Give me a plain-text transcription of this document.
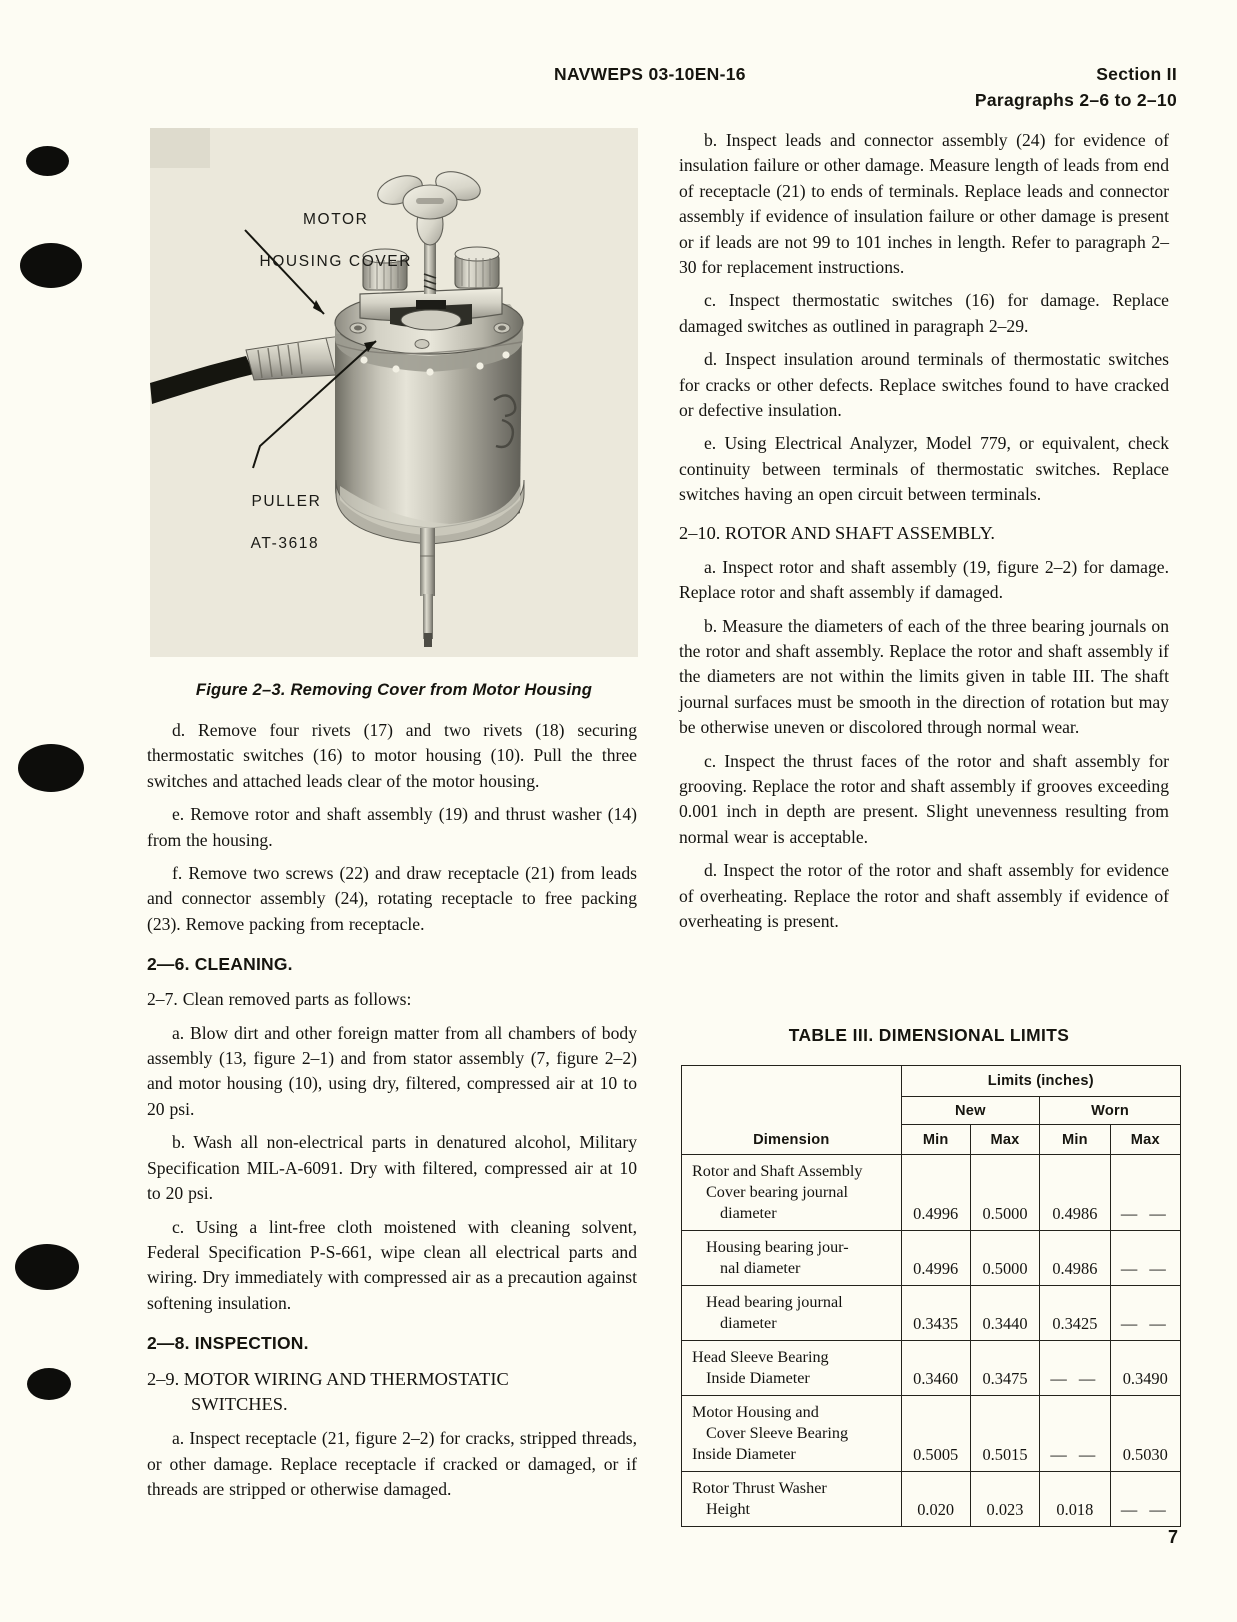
NAVWEPS 03-10EN-16	Section II
Paragraphs 2–6 to 2–10

MOTOR

HOUSING COVER

PULLER

AT-3618

Figure 2–3. Removing Cover from Motor Housing

d. Remove four rivets (17) and two rivets (18) securing thermostatic switches (16) to motor housing (10). Pull the three switches and attached leads clear of the motor housing.

e. Remove rotor and shaft assembly (19) and thrust washer (14) from the housing.

f. Remove two screws (22) and draw receptacle (21) from leads and connector assembly (24), rotating receptacle to free packing (23). Remove packing from receptacle.

2—6. CLEANING.

2–7. Clean removed parts as follows:

a. Blow dirt and other foreign matter from all chambers of body assembly (13, figure 2–1) and from stator assembly (7, figure 2–2) and motor housing (10), using dry, filtered, compressed air at 10 to 20 psi.

b. Wash all non-electrical parts in denatured alcohol, Military Specification MIL-A-6091. Dry with filtered, compressed air at 10 to 20 psi.

c. Using a lint-free cloth moistened with cleaning solvent, Federal Specification P-S-661, wipe clean all electrical parts and wiring. Dry immediately with compressed air as a precaution against softening insulation.

2—8. INSPECTION.
2–9. MOTOR WIRING AND THERMOSTATIC
SWITCHES.

a. Inspect receptacle (21, figure 2–2) for cracks, stripped threads, or other damage. Replace receptacle if cracked or damaged, or if threads are stripped or otherwise damaged.

b. Inspect leads and connector assembly (24) for evidence of insulation failure or other damage. Measure length of leads from end of receptacle (21) to ends of terminals. Replace leads and connector assembly if evidence of insulation failure or other damage is present or if leads are not 99 to 101 inches in length. Refer to paragraph 2–30 for replacement instructions.

c. Inspect thermostatic switches (16) for damage. Replace damaged switches as outlined in paragraph 2–29.

d. Inspect insulation around terminals of thermostatic switches for cracks or other defects. Replace switches found to have cracked or defective insulation.

e. Using Electrical Analyzer, Model 779, or equivalent, check continuity between terminals of thermostatic switches. Replace switches having an open circuit between terminals.

2–10. ROTOR AND SHAFT ASSEMBLY.

a. Inspect rotor and shaft assembly (19, figure 2–2) for damage. Replace rotor and shaft assembly if damaged.

b. Measure the diameters of each of the three bearing journals on the rotor and shaft assembly. Replace the rotor and shaft assembly if the diameters are not within the limits given in table III. The shaft journal surfaces must be smooth in the direction of rotation but may be otherwise uneven or discolored through normal wear.

c. Inspect the thrust faces of the rotor and shaft assembly for grooving. Replace the rotor and shaft assembly if grooves exceeding 0.001 inch in depth are present. Slight unevenness resulting from normal wear is acceptable.

d. Inspect the rotor of the rotor and shaft assembly for evidence of overheating. Replace the rotor and shaft assembly if evidence of overheating is present.

TABLE III. DIMENSIONAL LIMITS
Dimension	Limits (inches)			
	New		Worn	
	Min	Max	Min	Max
Rotor and Shaft Assembly
Cover bearing journal
diameter	0.4996	0.5000	0.4986	— —

Housing bearing jour-
nal diameter	0.4996	0.5000	0.4986	— —

Head bearing journal
diameter	0.3435	0.3440	0.3425	— —
Head Sleeve Bearing
Inside Diameter	0.3460	0.3475	— —	0.3490
Motor Housing and
Cover Sleeve Bearing
Inside Diameter	0.5005	0.5015	— —	0.5030
Rotor Thrust Washer
Height	0.020	0.023	0.018	— —
7
